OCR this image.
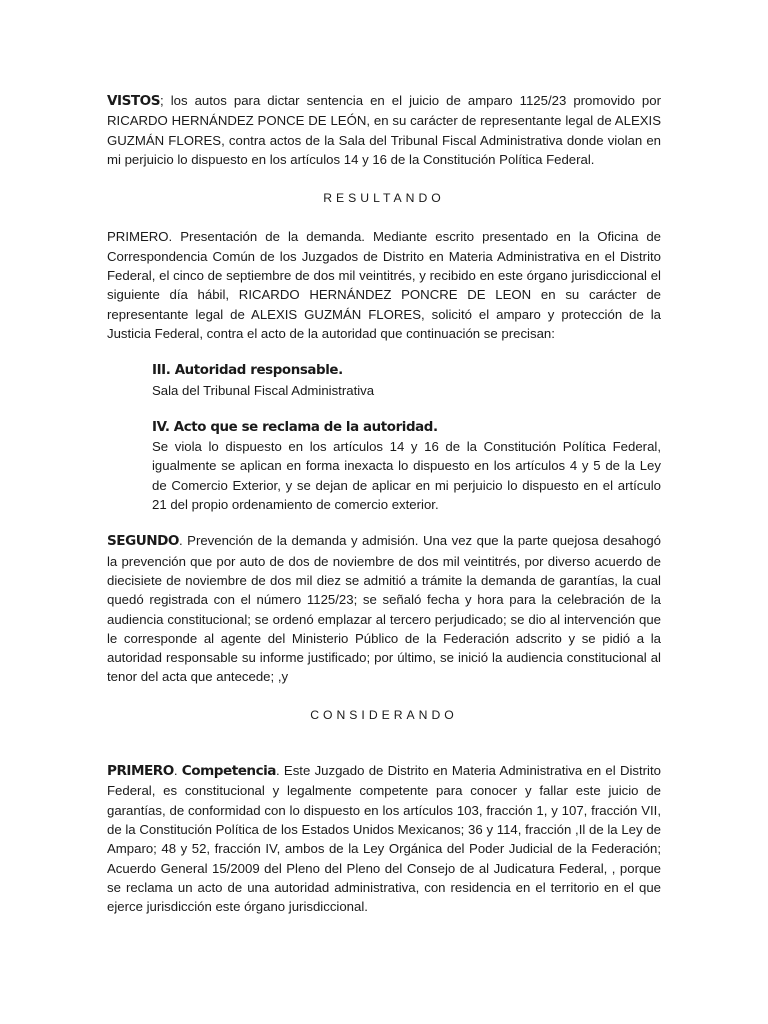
VISTOS; los autos para dictar sentencia en el juicio de amparo 1125/23 promovido por RICARDO HERNÁNDEZ PONCE DE LEÓN, en su carácter de representante legal de ALEXIS GUZMÁN FLORES, contra actos de la Sala del Tribunal Fiscal Administrativa donde violan en mi perjuicio lo dispuesto en los artículos 14 y 16 de la Constitución Política Federal.

RESULTANDO

PRIMERO. Presentación de la demanda. Mediante escrito presentado en la Oficina de Correspondencia Común de los Juzgados de Distrito en Materia Administrativa en el Distrito Federal, el cinco de septiembre de dos mil veintitrés, y recibido en este órgano jurisdiccional el siguiente día hábil, RICARDO HERNÁNDEZ PONCRE DE LEON en su carácter de representante legal de ALEXIS GUZMÁN FLORES, solicitó el amparo y protección de la Justicia Federal, contra el acto de la autoridad que continuación se precisan:

III. Autoridad responsable.

Sala del Tribunal Fiscal Administrativa

IV. Acto que se reclama de la autoridad.

Se viola lo dispuesto en los artículos 14 y 16 de la Constitución Política Federal, igualmente se aplican en forma inexacta lo dispuesto en los artículos 4 y 5 de la Ley de Comercio Exterior, y se dejan de aplicar en mi perjuicio lo dispuesto en el artículo 21 del propio ordenamiento de comercio exterior.

SEGUNDO. Prevención de la demanda y admisión. Una vez que la parte quejosa desahogó la prevención que por auto de dos de noviembre de dos mil veintitrés, por diverso acuerdo de diecisiete de noviembre de dos mil diez se admitió a trámite la demanda de garantías, la cual quedó registrada con el número 1125/23; se señaló fecha y hora para la celebración de la audiencia constitucional; se ordenó emplazar al tercero perjudicado; se dio al intervención que le corresponde al agente del Ministerio Público de la Federación adscrito y se pidió a la autoridad responsable su informe justificado; por último, se inició la audiencia constitucional al tenor del acta que antecede; ,y

CONSIDERANDO

PRIMERO. Competencia. Este Juzgado de Distrito en Materia Administrativa en el Distrito Federal, es constitucional y legalmente competente para conocer y fallar este juicio de garantías, de conformidad con lo dispuesto en los artículos 103, fracción 1, y 107, fracción VII, de la Constitución Política de los Estados Unidos Mexicanos; 36 y 114, fracción ,Il de la Ley de Amparo; 48 y 52, fracción IV, ambos de la Ley Orgánica del Poder Judicial de la Federación; Acuerdo General 15/2009 del Pleno del Pleno del Consejo de al Judicatura Federal, , porque se reclama un acto de una autoridad administrativa, con residencia en el territorio en el que ejerce jurisdicción este órgano jurisdiccional.
